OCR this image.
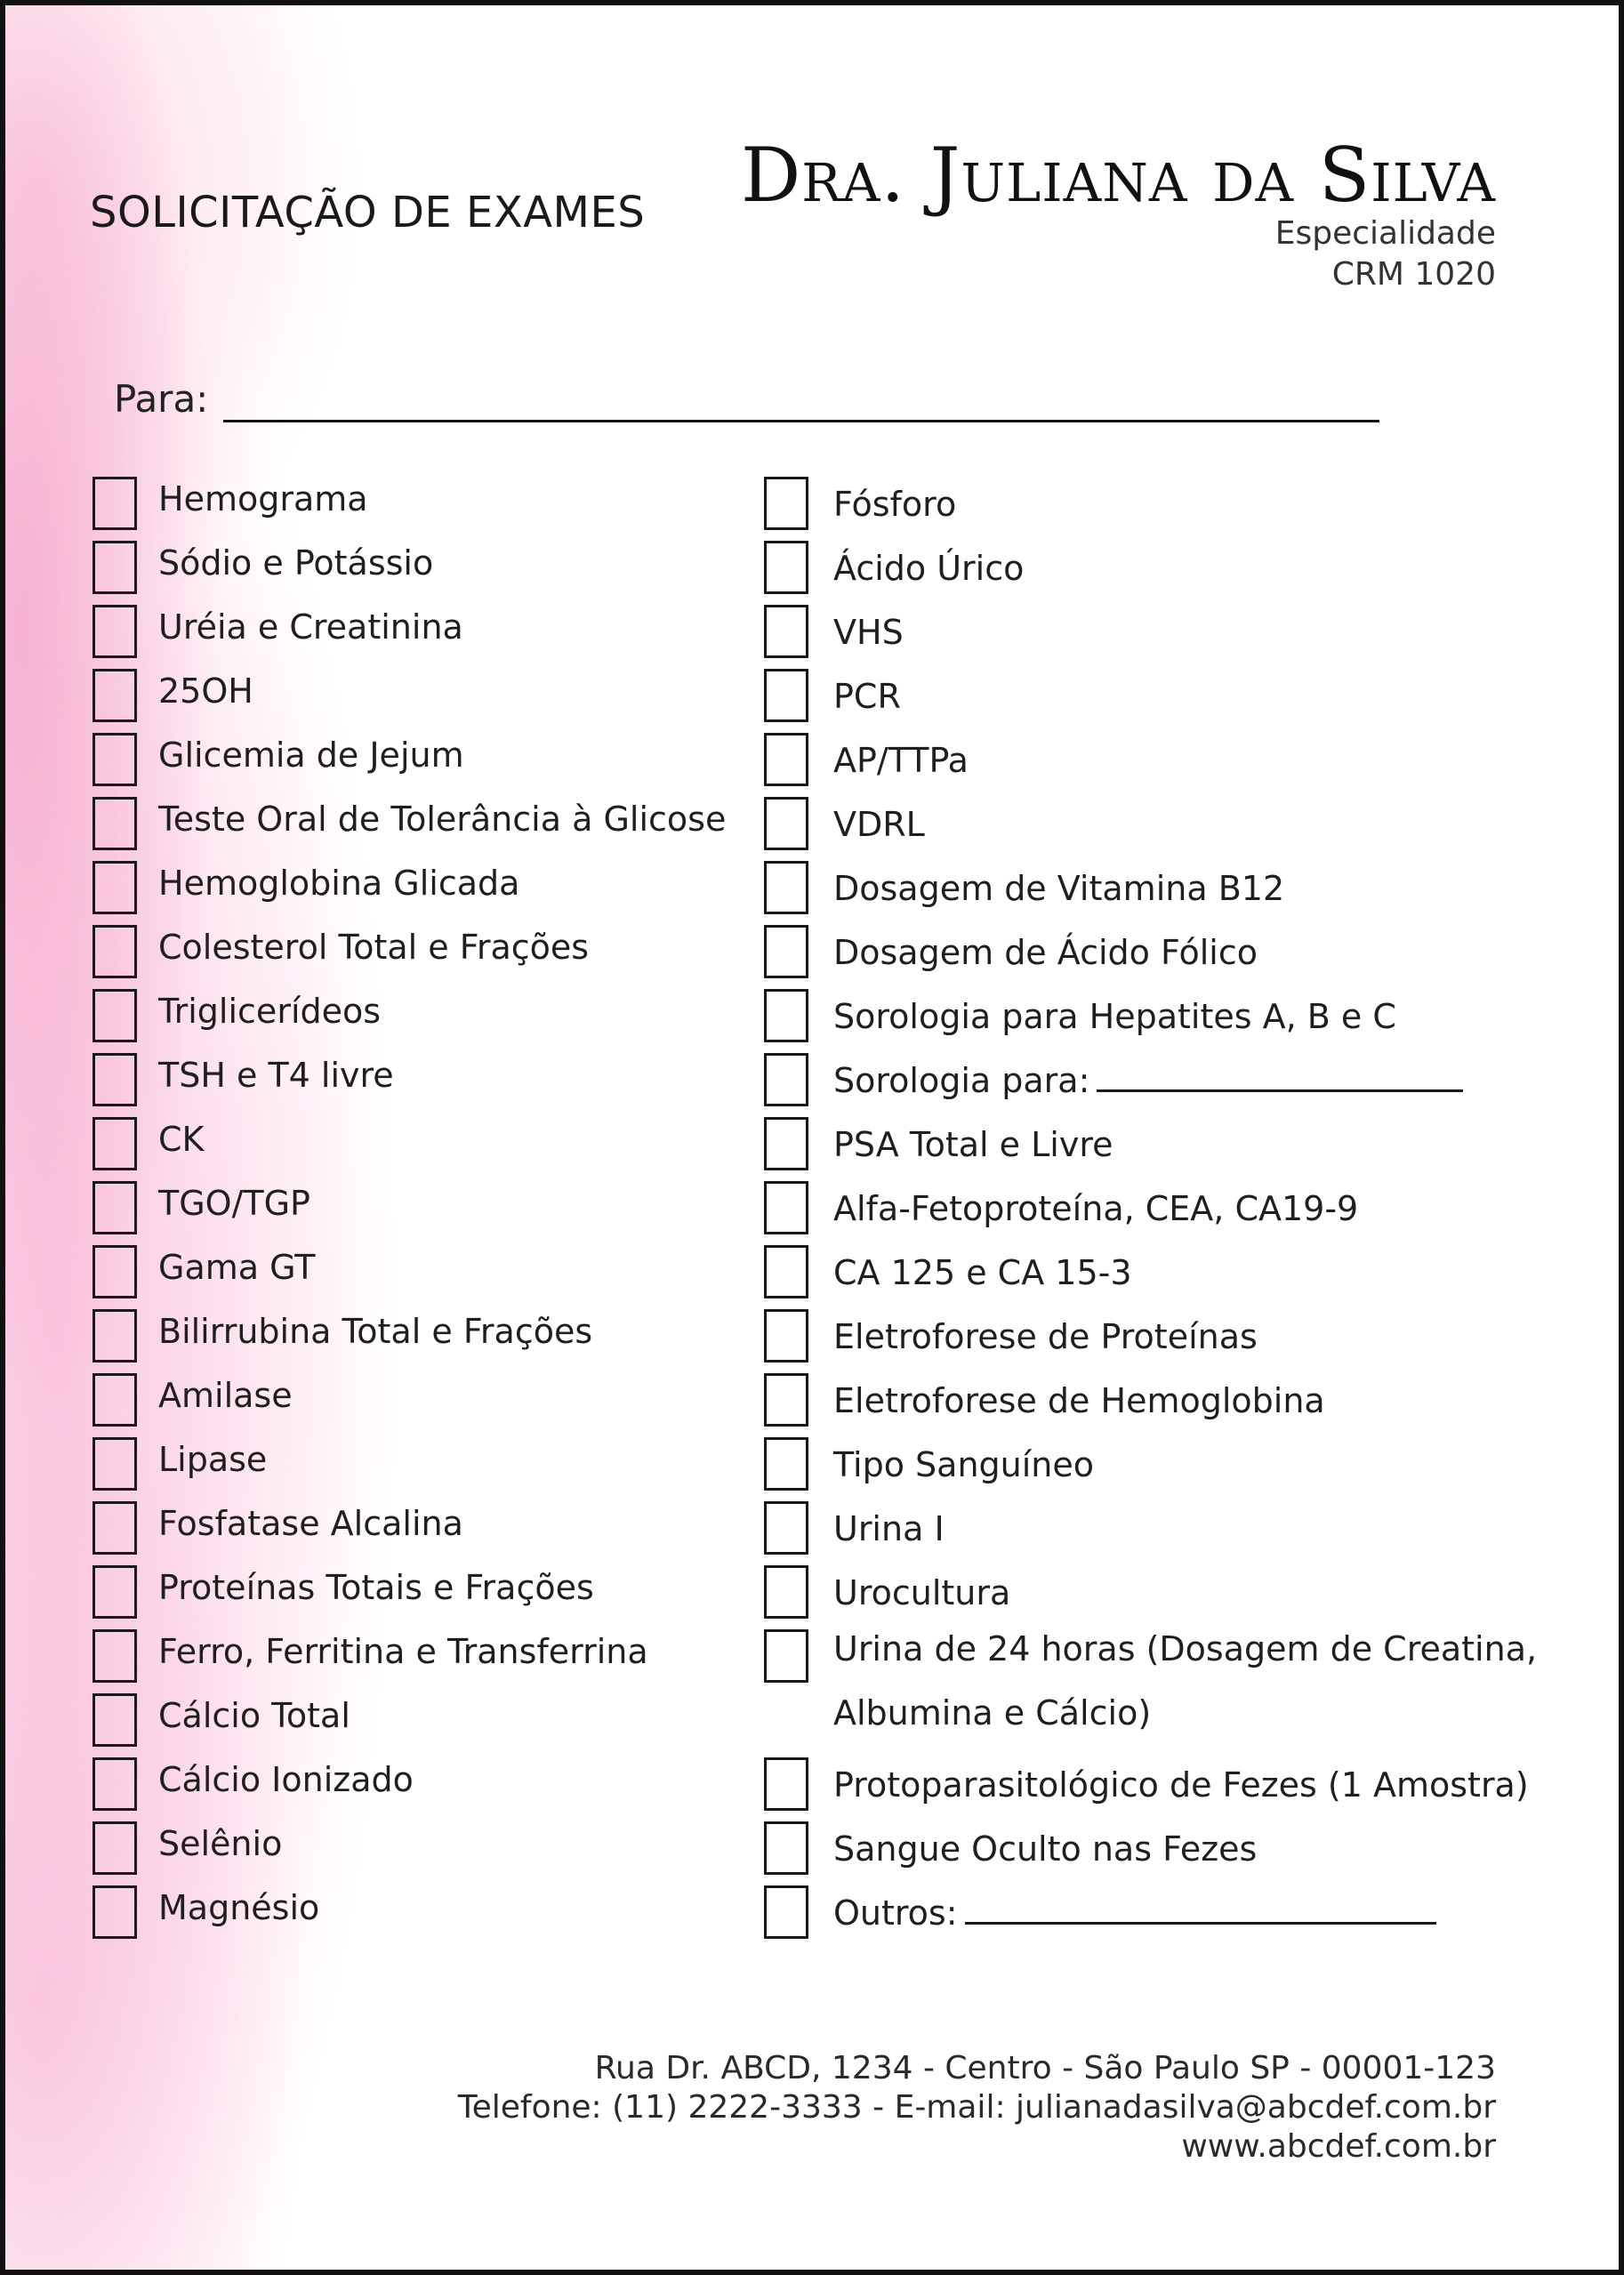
SOLICITAÇÃO DE EXAMES Dra. Juliana da Silva
Especialidade
CRM 1020
Para:
Hemograma
Sódio e Potássio
Uréia e Creatinina
25OH
Glicemia de Jejum
Teste Oral de Tolerância à Glicose
Hemoglobina Glicada
Colesterol Total e Frações
Triglicerídeos
TSH e T4 livre
CK
TGO/TGP
Gama GT
Bilirrubina Total e Frações
Amilase
Lipase
Fosfatase Alcalina
Proteínas Totais e Frações
Ferro, Ferritina e Transferrina
Cálcio Total
Cálcio Ionizado
Selênio
Magnésio
Fósforo
Ácido Úrico
VHS
PCR
AP/TTPa
VDRL
Dosagem de Vitamina B12
Dosagem de Ácido Fólico
Sorologia para Hepatites A, B e C
Sorologia para:
PSA Total e Livre
Alfa-Fetoproteína, CEA, CA19-9
CA 125 e CA 15-3
Eletroforese de Proteínas
Eletroforese de Hemoglobina
Tipo Sanguíneo
Urina I
Urocultura
Urina de 24 horas (Dosagem de Creatina, Albumina e Cálcio)
Protoparasitológico de Fezes (1 Amostra)
Sangue Oculto nas Fezes
Outros:
Rua Dr. ABCD, 1234 - Centro - São Paulo SP - 00001-123
Telefone: (11) 2222-3333 - E-mail: julianadasilva@abcdef.com.br
www.abcdef.com.br
